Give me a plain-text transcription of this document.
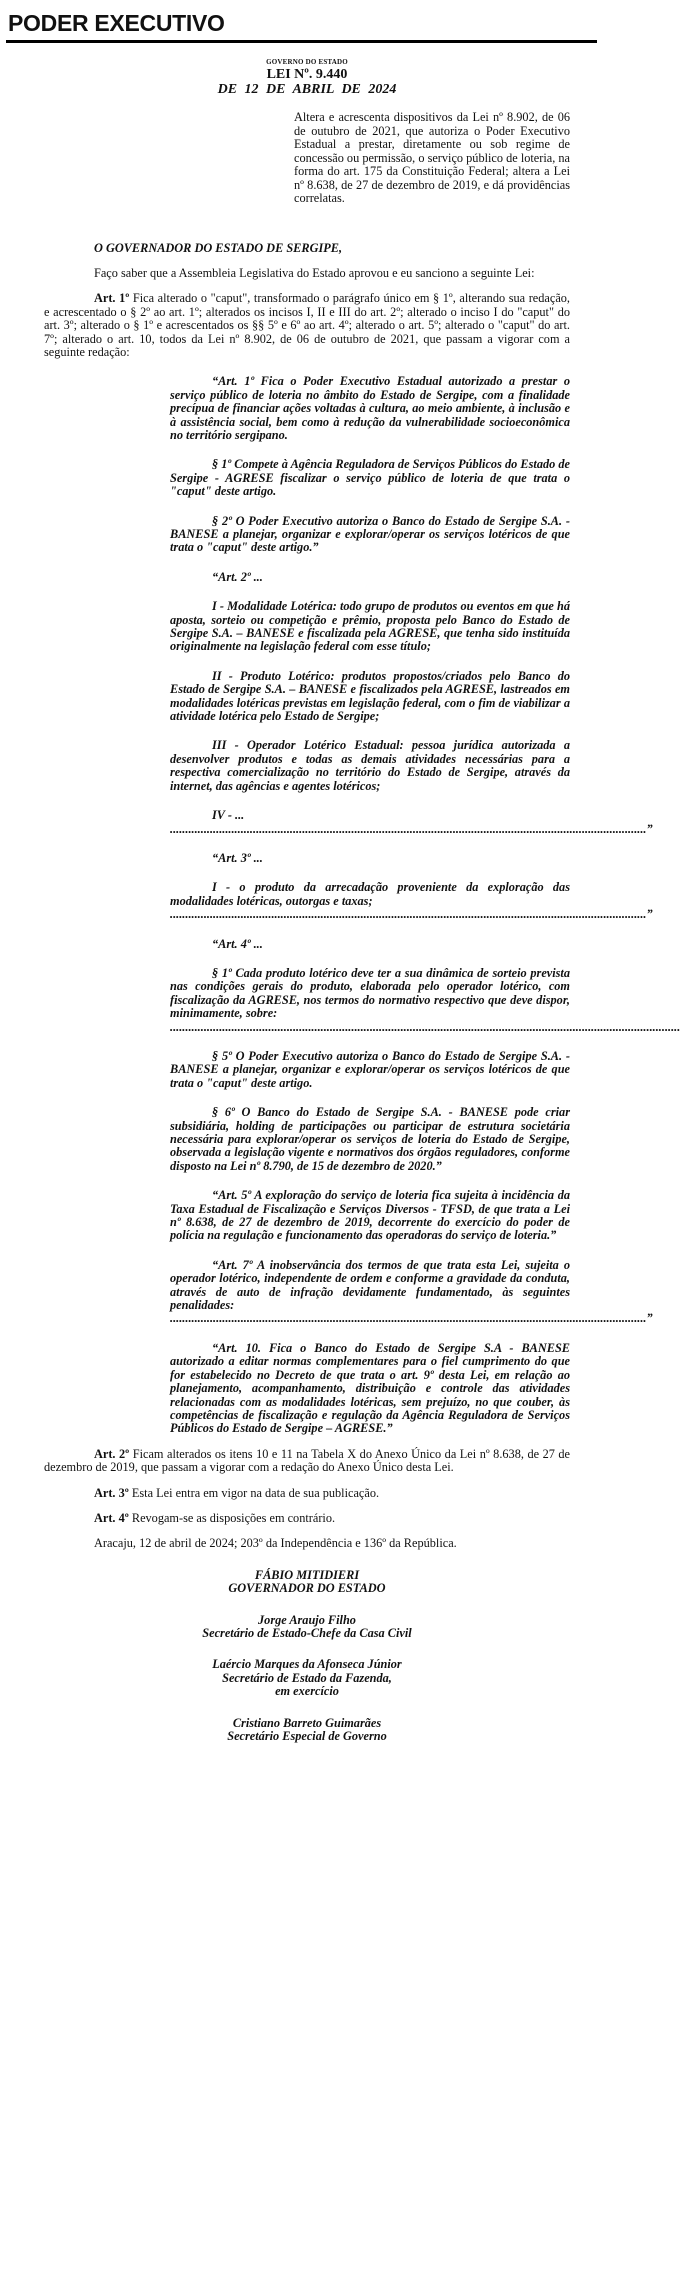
PODER EXECUTIVO
GOVERNO DO ESTADO
LEI Nº. 9.440
DE 12 DE ABRIL DE 2024

Altera e acrescenta dispositivos da Lei nº 8.902, de 06 de outubro de 2021, que autoriza o Poder Executivo Estadual a prestar, diretamente ou sob regime de concessão ou permissão, o serviço público de loteria, na forma do art. 175 da Constituição Federal; altera a Lei nº 8.638, de 27 de dezembro de 2019, e dá providências correlatas.

O GOVERNADOR DO ESTADO DE SERGIPE,

Faço saber que a Assembleia Legislativa do Estado aprovou e eu sanciono a seguinte Lei:

Art. 1º Fica alterado o "caput", transformado o parágrafo único em § 1º, alterando sua redação, e acrescentado o § 2º ao art. 1º; alterados os incisos I, II e III do art. 2º; alterado o inciso I do "caput" do art. 3º; alterado o § 1º e acrescentados os §§ 5º e 6º ao art. 4º; alterado o art. 5º; alterado o "caput" do art. 7º; alterado o art. 10, todos da Lei nº 8.902, de 06 de outubro de 2021, que passam a vigorar com a seguinte redação:

“Art. 1º Fica o Poder Executivo Estadual autorizado a prestar o serviço público de loteria no âmbito do Estado de Sergipe, com a finalidade precípua de financiar ações voltadas à cultura, ao meio ambiente, à inclusão e à assistência social, bem como à redução da vulnerabilidade socioeconômica no território sergipano.

§ 1º Compete à Agência Reguladora de Serviços Públicos do Estado de Sergipe - AGRESE fiscalizar o serviço público de loteria de que trata o "caput" deste artigo.

§ 2º O Poder Executivo autoriza o Banco do Estado de Sergipe S.A. - BANESE a planejar, organizar e explorar/operar os serviços lotéricos de que trata o "caput" deste artigo.”

“Art. 2º ...

I - Modalidade Lotérica: todo grupo de produtos ou eventos em que há aposta, sorteio ou competição e prêmio, proposta pelo Banco do Estado de Sergipe S.A. – BANESE e fiscalizada pela AGRESE, que tenha sido instituída originalmente na legislação federal com esse título;

II - Produto Lotérico: produtos propostos/criados pelo Banco do Estado de Sergipe S.A. – BANESE e fiscalizados pela AGRESE, lastreados em modalidades lotéricas previstas em legislação federal, com o fim de viabilizar a atividade lotérica pelo Estado de Sergipe;

III - Operador Lotérico Estadual: pessoa jurídica autorizada a desenvolver produtos e todas as demais atividades necessárias para a respectiva comercialização no território do Estado de Sergipe, através da internet, das agências e agentes lotéricos;

IV - ...

...........................................................................................................................................................”

“Art. 3º ...

I - o produto da arrecadação proveniente da exploração das modalidades lotéricas, outorgas e taxas;

...........................................................................................................................................................”

“Art. 4º ...

§ 1º Cada produto lotérico deve ter a sua dinâmica de sorteio prevista nas condições gerais do produto, elaborada pelo operador lotérico, com fiscalização da AGRESE, nos termos do normativo respectivo que deve dispor, minimamente, sobre:

......................................................................................................................................................................

§ 5º O Poder Executivo autoriza o Banco do Estado de Sergipe S.A. - BANESE a planejar, organizar e explorar/operar os serviços lotéricos de que trata o "caput" deste artigo.

§ 6º O Banco do Estado de Sergipe S.A. - BANESE pode criar subsidiária, holding de participações ou participar de estrutura societária necessária para explorar/operar os serviços de loteria do Estado de Sergipe, observada a legislação vigente e normativos dos órgãos reguladores, conforme disposto na Lei nº 8.790, de 15 de dezembro de 2020.”

“Art. 5º A exploração do serviço de loteria fica sujeita à incidência da Taxa Estadual de Fiscalização e Serviços Diversos - TFSD, de que trata a Lei nº 8.638, de 27 de dezembro de 2019, decorrente do exercício do poder de polícia na regulação e funcionamento das operadoras do serviço de loteria.”

“Art. 7º A inobservância dos termos de que trata esta Lei, sujeita o operador lotérico, independente de ordem e conforme a gravidade da conduta, através de auto de infração devidamente fundamentado, às seguintes penalidades:

...........................................................................................................................................................”

“Art. 10. Fica o Banco do Estado de Sergipe S.A - BANESE autorizado a editar normas complementares para o fiel cumprimento do que for estabelecido no Decreto de que trata o art. 9º desta Lei, em relação ao planejamento, acompanhamento, distribuição e controle das atividades relacionadas com as modalidades lotéricas, sem prejuízo, no que couber, às competências de fiscalização e regulação da Agência Reguladora de Serviços Públicos do Estado de Sergipe – AGRESE.”

Art. 2º Ficam alterados os itens 10 e 11 na Tabela X do Anexo Único da Lei nº 8.638, de 27 de dezembro de 2019, que passam a vigorar com a redação do Anexo Único desta Lei.

Art. 3º Esta Lei entra em vigor na data de sua publicação.

Art. 4º Revogam-se as disposições em contrário.

Aracaju, 12 de abril de 2024; 203º da Independência e 136º da República.

FÁBIO MITIDIERI
GOVERNADOR DO ESTADO
Jorge Araujo Filho
Secretário de Estado-Chefe da Casa Civil
Laércio Marques da Afonseca Júnior
Secretário de Estado da Fazenda,
em exercício
Cristiano Barreto Guimarães
Secretário Especial de Governo
